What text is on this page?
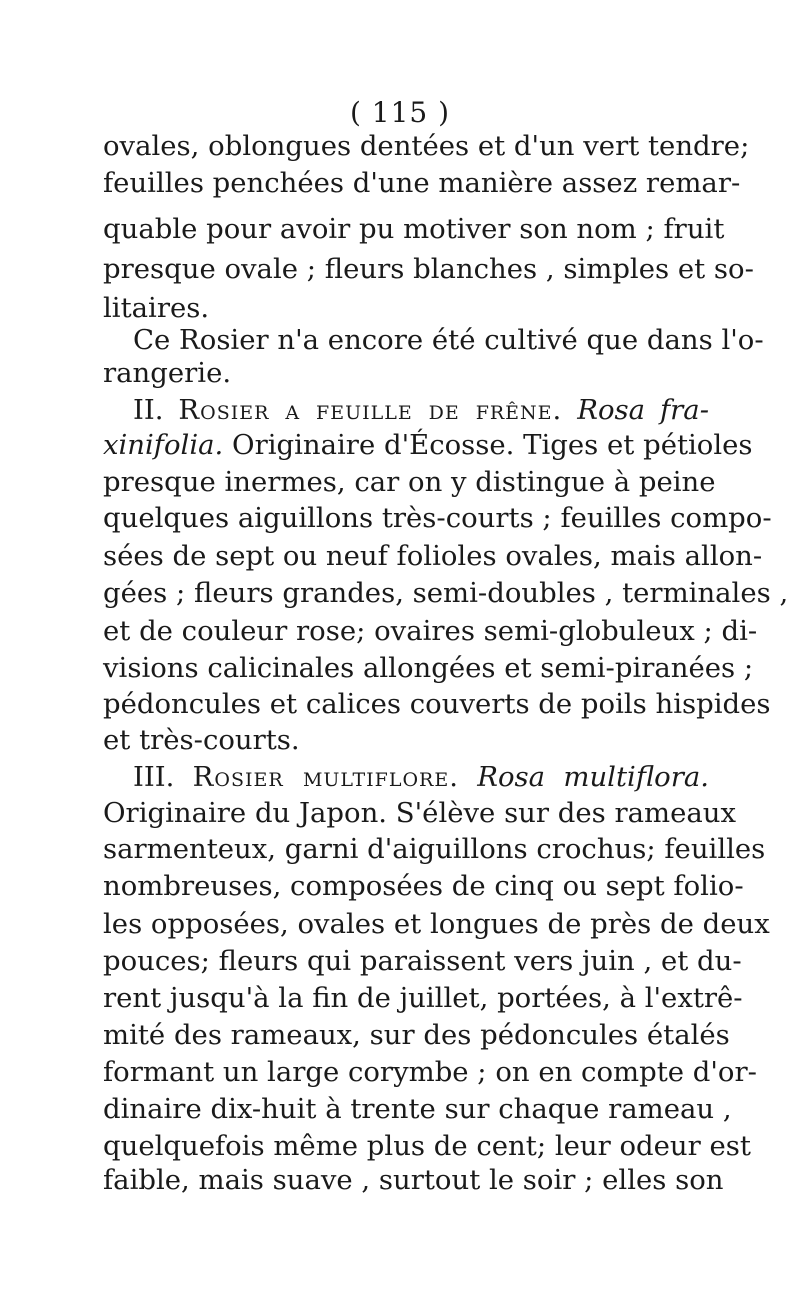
( 115 )
ovales, oblongues dentées et d'un vert tendre;
feuilles penchées d'une manière assez remar-
quable pour avoir pu motiver son nom ; fruit
presque ovale ; fleurs blanches , simples et so-
litaires.
Ce Rosier n'a encore été cultivé que dans l'o-
rangerie.
II. Rosier a feuille de frêne. Rosa fra-
xinifolia. Originaire d'Écosse. Tiges et pétioles
presque inermes, car on y distingue à peine
quelques aiguillons très-courts ; feuilles compo-
sées de sept ou neuf folioles ovales, mais allon-
gées ; fleurs grandes, semi-doubles , terminales ,
et de couleur rose; ovaires semi-globuleux ; di-
visions calicinales allongées et semi-piranées ;
pédoncules et calices couverts de poils hispides
et très-courts.
III. Rosier multiflore. Rosa multiflora.
Originaire du Japon. S'élève sur des rameaux
sarmenteux, garni d'aiguillons crochus; feuilles
nombreuses, composées de cinq ou sept folio-
les opposées, ovales et longues de près de deux
pouces; fleurs qui paraissent vers juin , et du-
rent jusqu'à la fin de juillet, portées, à l'extrê-
mité des rameaux, sur des pédoncules étalés
formant un large corymbe ; on en compte d'or-
dinaire dix-huit à trente sur chaque rameau ,
quelquefois même plus de cent; leur odeur est
faible, mais suave , surtout le soir ; elles son
